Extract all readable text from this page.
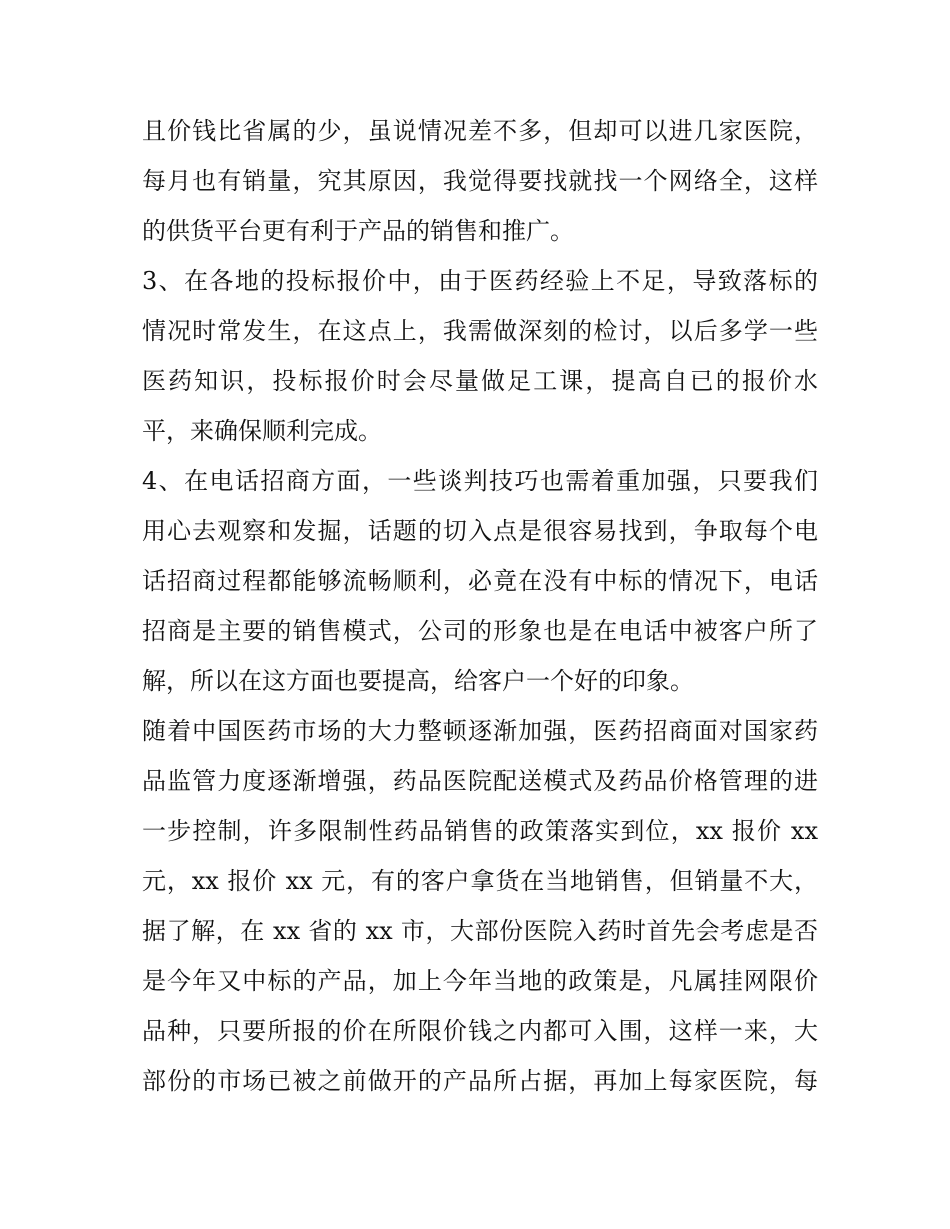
且价钱比省属的少，虽说情况差不多，但却可以进几家医院，
每月也有销量，究其原因，我觉得要找就找一个网络全，这样
的供货平台更有利于产品的销售和推广。
3、在各地的投标报价中，由于医药经验上不足，导致落标的
情况时常发生，在这点上，我需做深刻的检讨，以后多学一些
医药知识，投标报价时会尽量做足工课，提高自已的报价水
平，来确保顺利完成。
4、在电话招商方面，一些谈判技巧也需着重加强，只要我们
用心去观察和发掘，话题的切入点是很容易找到，争取每个电
话招商过程都能够流畅顺利，必竟在没有中标的情况下，电话
招商是主要的销售模式，公司的形象也是在电话中被客户所了
解，所以在这方面也要提高，给客户一个好的印象。
随着中国医药市场的大力整顿逐渐加强，医药招商面对国家药
品监管力度逐渐增强，药品医院配送模式及药品价格管理的进
一步控制，许多限制性药品销售的政策落实到位，xx 报价 xx
元，xx 报价 xx 元，有的客户拿货在当地销售，但销量不大，
据了解，在 xx 省的 xx 市，大部份医院入药时首先会考虑是否
是今年又中标的产品，加上今年当地的政策是，凡属挂网限价
品种，只要所报的价在所限价钱之内都可入围，这样一来，大
部份的市场已被之前做开的产品所占据，再加上每家医院，每
